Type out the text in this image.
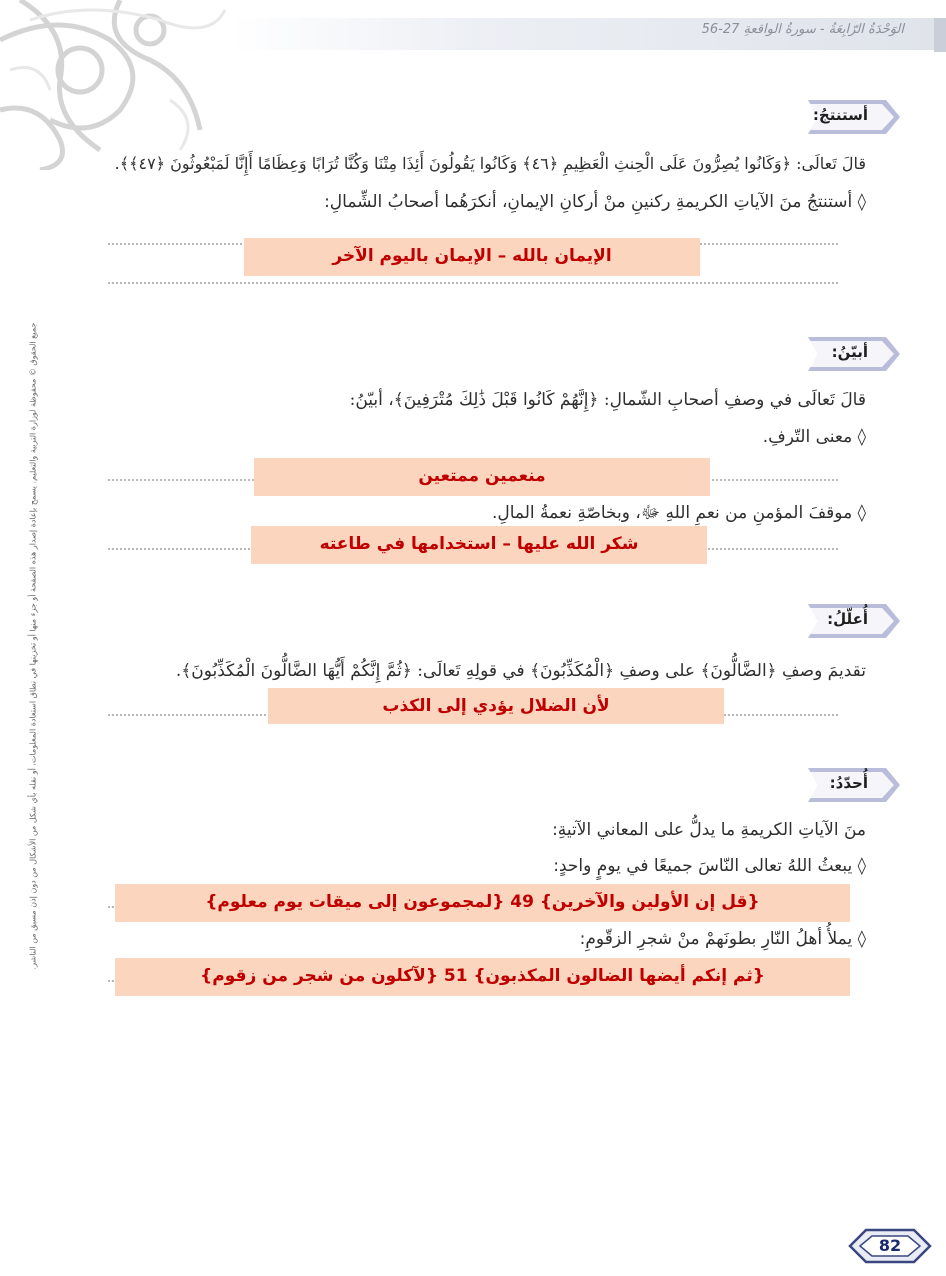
الوَحْدَةُ الرّابِعَةُ - سورةُ الواقعةِ 27-56
جميع الحقوق © محفوظة لوزارة التربية والتعليم. يسمح بإعادة إصدار هذه الصفحة أو جزء منها أو تخزينها في نطاق استعادة المعلومات، أو نقله بأي شكل من الأشكال من دون إذن مسبق من الناشر.
أستنتجُ:
قالَ تَعالَى: ﴿وَكَانُوا يُصِرُّونَ عَلَى الْحِنثِ الْعَظِيمِ ﴿٤٦﴾ وَكَانُوا يَقُولُونَ أَئِذَا مِتْنَا وَكُنَّا تُرَابًا وَعِظَامًا أَإِنَّا لَمَبْعُوثُونَ ﴿٤٧﴾﴾.
◊ أستنتجُ منَ الآياتِ الكريمةِ ركنينِ منْ أركانِ الإيمانِ، أنكرَهُما أصحابُ الشِّمالِ:
الإيمان بالله – الإيمان باليوم الآخر
أبيّنُ:
قالَ تَعالَى في وصفِ أصحابِ الشّمالِ: ﴿إِنَّهُمْ كَانُوا قَبْلَ ذَٰلِكَ مُتْرَفِينَ﴾، أبيّنُ:
◊ معنى التّرفِ.
منعمين ممتعين
◊ موقفَ المؤمنِ من نعمِ اللهِ ﷻ، وبخاصّةِ نعمةُ المالِ.
شكر الله عليها – استخدامها في طاعته
أُعلّلُ:
تقديمَ وصفِ ﴿الضَّالُّونَ﴾ على وصفِ ﴿الْمُكَذِّبُونَ﴾ في قولِهِ تَعالَى: ﴿ثُمَّ إِنَّكُمْ أَيُّهَا الضَّالُّونَ الْمُكَذِّبُونَ﴾.
لأن الضلال يؤدي إلى الكذب
أُحدّدُ:
منَ الآياتِ الكريمةِ ما يدلُّ على المعاني الآتيةِ:
◊ يبعثُ اللهُ تعالى النّاسَ جميعًا في يومٍ واحدٍ:
{قل إن الأولين والآخرين} 49 {لمجموعون إلى ميقات يوم معلوم}
◊ يملأُ أهلُ النّارِ بطونَهمْ منْ شجرِ الزقّومِ:
{ثم إنكم أيضها الضالون المكذبون} 51 {لآكلون من شجر من زقوم}
82
